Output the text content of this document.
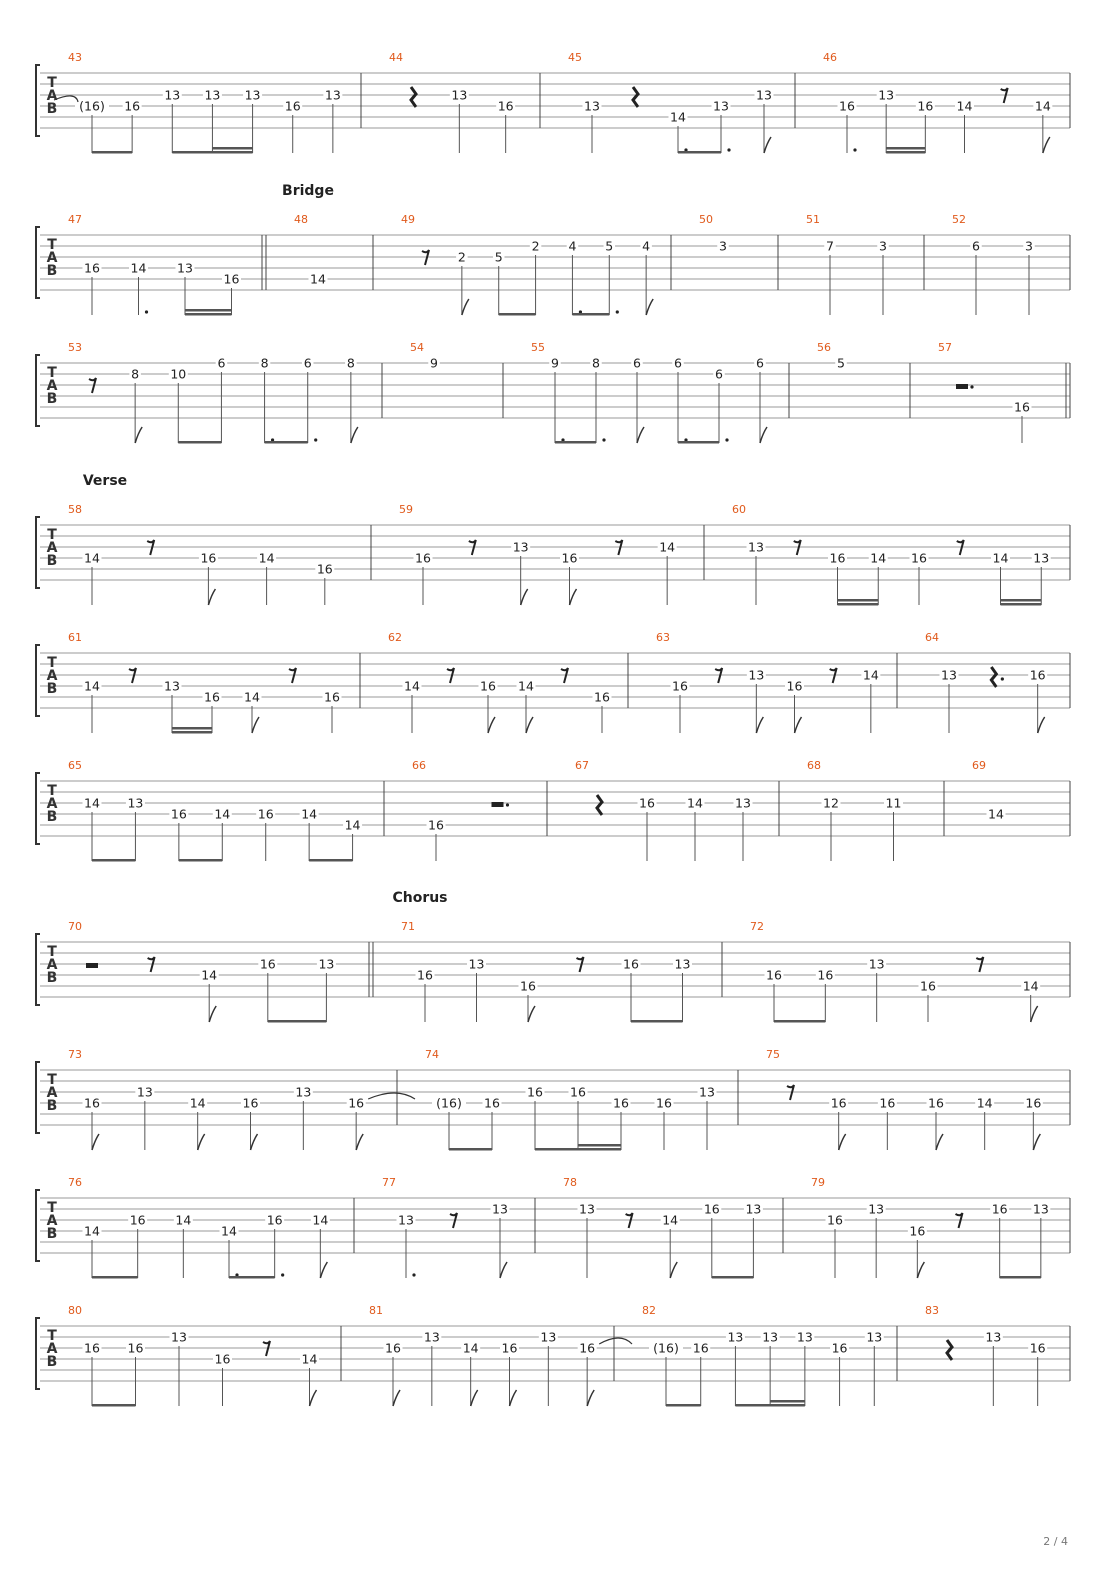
T
A
B
43
(16) 16
13 13 13
16
13
44
13
16
45
13
14
13
13
46
16
13
16 14	14
T
A
B
Bridge
47
16 14 13
16
48
14
49
2 5
2 4 5 4
50
3
51
7	3
52
6	3
T
A
B
53
8 10
6	8	6	8
54
9
55
9	8	6	6
6
6
56
5
57
16
T
A
B
Verse
58
14	16	14
16
59
16
13
16
14
60
13
16 14 16	14 13
T
A
B
61
14	13
16 14	16
62
14	16 14
16
63
16
13
16
14
64
13	16
T
A
B
65
14 13
16 14 16 14
14
66
16
67
16	14	13
68
12	11
69
14
T
A
B
Chorus
70
14
16	13
71
16
13
16
16	13
72
16	16
13
16	14
T
A
B
73
16
13
14	16
13
16
74
(16) 16
16 16
16 16
13
75
16	16	16	14	16
T
A
B
76
14
16 14
14
16 14
77
13
13
78
13
14
16 13
79
16
13
16
16 13
T
A
B
80
16 16
13
16	14
81
16
13
14 16
13
16
82
(16) 16
13 13 13
16
13
83
13
16
2 / 4
